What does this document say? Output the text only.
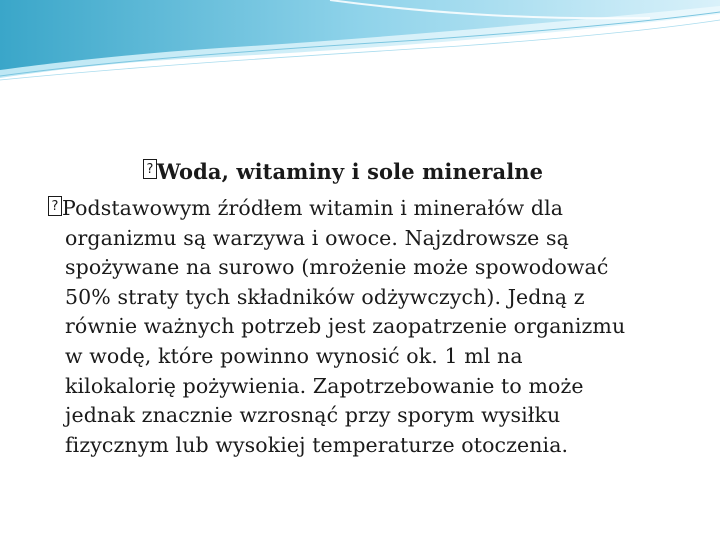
? Woda, witaminy i sole mineralne
? Podstawowym źródłem witamin i minerałów dla
organizmu są warzywa i owoce. Najzdrowsze są
spożywane na surowo (mrożenie może spowodować
50% straty tych składników odżywczych). Jedną z
równie ważnych potrzeb jest zaopatrzenie organizmu
w wodę, które powinno wynosić ok. 1 ml na
kilokalorię pożywienia. Zapotrzebowanie to może
jednak znacznie wzrosnąć przy sporym wysiłku
fizycznym lub wysokiej temperaturze otoczenia.
